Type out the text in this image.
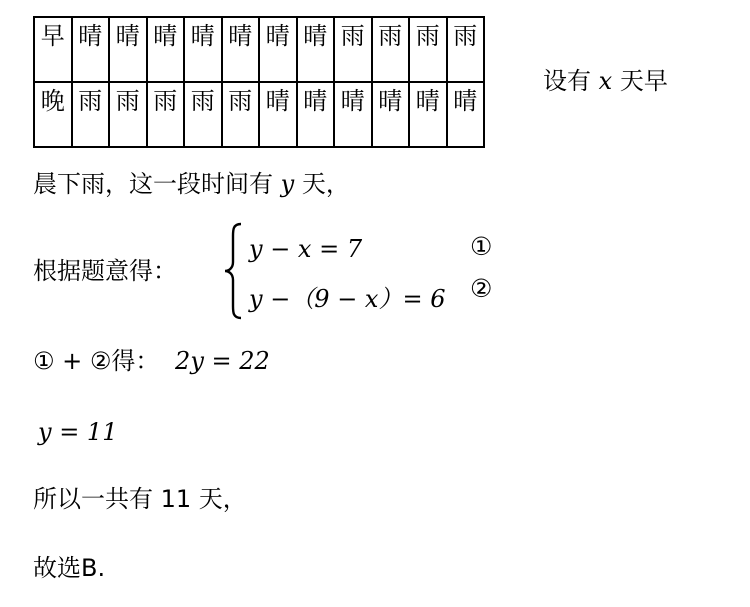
早	晴	晴	晴	晴	晴	晴	晴	雨	雨	雨	雨
晚	雨	雨	雨	雨	雨	晴	晴	晴	晴	晴	晴
设有 x 天早
晨下雨，这一段时间有 y 天，
根据题意得：
y − x = 7	①
y −（9 − x）= 6 ②
① + ②得： 2y = 22
y = 11
所以一共有 11 天，
故选B.
